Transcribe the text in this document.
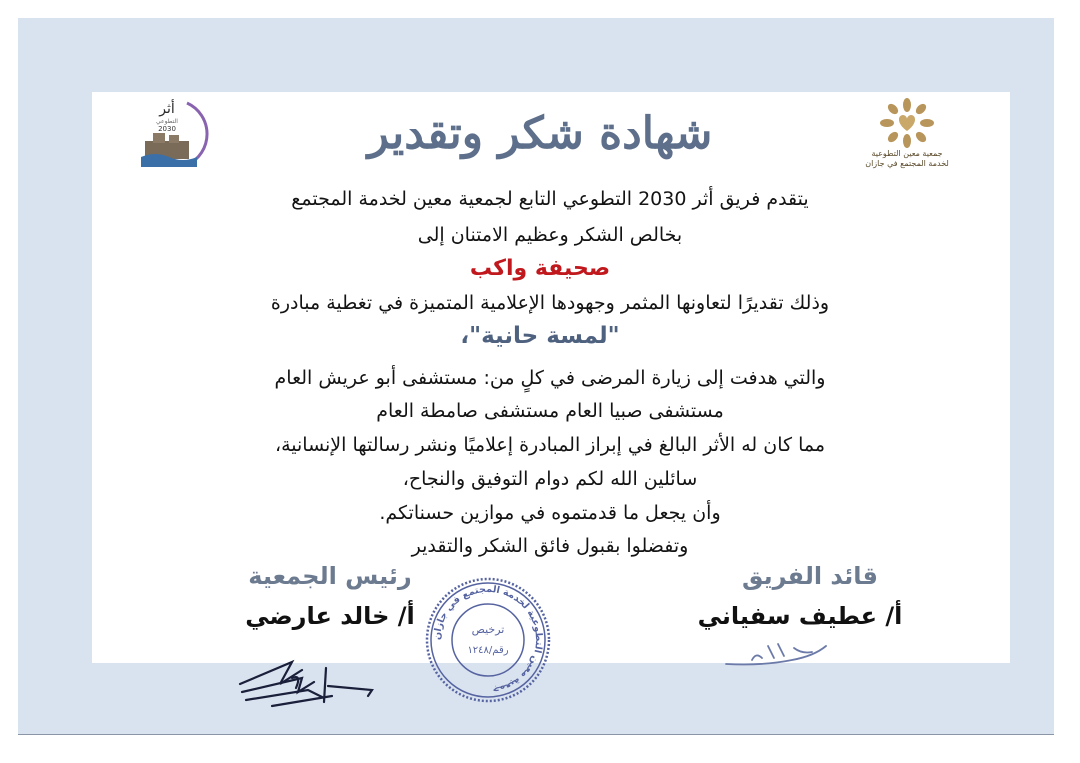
أثر
التطوعي
2030
جمعية معين التطوعية
لخدمة المجتمع في جازان
شهادة شكر وتقدير
يتقدم فريق أثر 2030 التطوعي التابع لجمعية معين لخدمة المجتمع
بخالص الشكر وعظيم الامتنان إلى
صحيفة واكب
وذلك تقديرًا لتعاونها المثمر وجهودها الإعلامية المتميزة في تغطية مبادرة
"لمسة حانية"،
والتي هدفت إلى زيارة المرضى في كلٍ من: مستشفى أبو عريش العام
مستشفى صبيا العام مستشفى صامطة العام
مما كان له الأثر البالغ في إبراز المبادرة إعلاميًا ونشر رسالتها الإنسانية،
سائلين الله لكم دوام التوفيق والنجاح،
وأن يجعل ما قدمتموه في موازين حسناتكم.
وتفضلوا بقبول فائق الشكر والتقدير
رئيس الجمعية
أ/ خالد عارضي
قائد الفريق
أ/ عطيف سفياني
جمعية معين التطوعية لخدمة المجتمع في جازان
ترخيص
رقم/١٢٤٨
